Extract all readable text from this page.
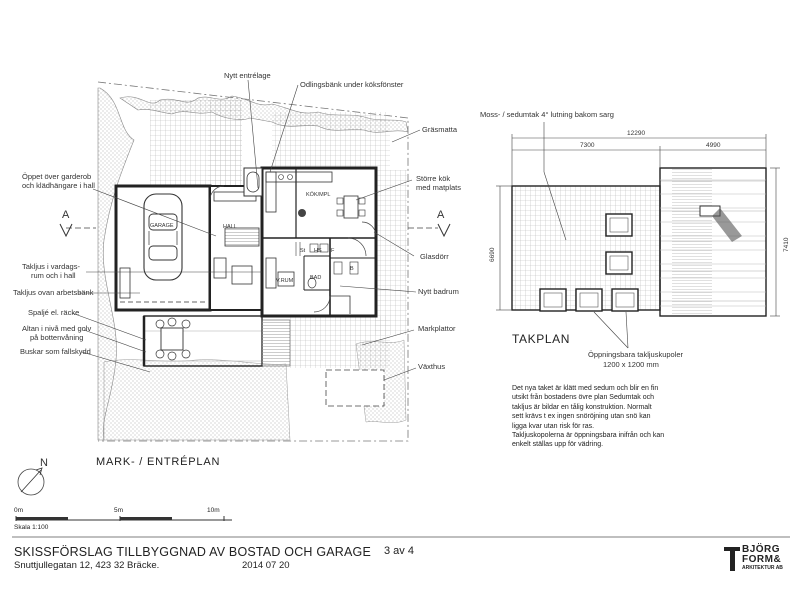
GARAGE	HALL
KÖK/MPL
V.RUM	BAD
St HS F
B
A	A
N
12290
7300	4990
6690
7410
Öppet över garderob
och klädhängare i hall
Takljus i vardags-
rum och i hall
Takljus ovan arbetsbänk
Spaljé el. räcke
Altan i nivå med golv
på bottenvåning
Buskar som fallskydd
Nytt entrélage
Odlingsbänk under köksfönster
Gräsmatta
Större kök
med matplats
Glasdörr
Nytt badrum
Markplattor
Växthus
MARK- / ENTRÉPLAN
0m	5m	10m
Skala 1:100
Moss- / sedumtak 4° lutning bakom sarg
TAKPLAN
Öppningsbara takljuskupoler
1200 x 1200 mm
Det nya taket är klätt med sedum och blir en fin
utsikt från bostadens övre plan Sedumtak och
takljus är bildar en tålig konstruktion. Normalt
sett krävs t ex ingen snöröjning utan snö kan
ligga kvar utan risk för ras.
Takljuskopolerna är öppningsbara inifrån och kan
enkelt ställas upp för vädring.
SKISSFÖRSLAG TILLBYGGNAD AV BOSTAD OCH GARAGE
Snuttjullegatan 12, 423 32 Bräcke.	2014 07 20
3 av 4	BJÖRG
FORM&
ARKITEKTUR AB
